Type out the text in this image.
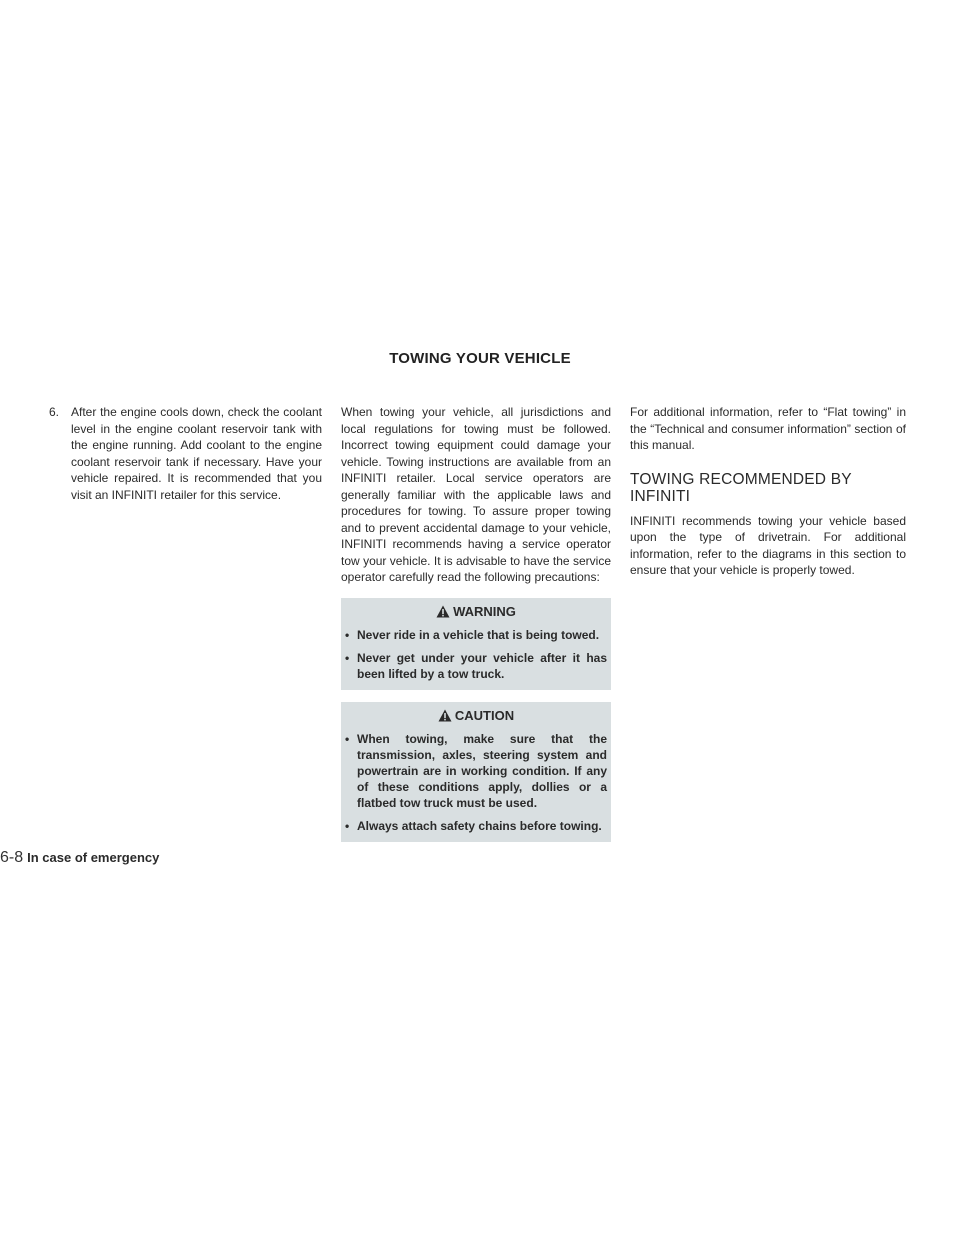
TOWING YOUR VEHICLE
6. After the engine cools down, check the coolant level in the engine coolant reservoir tank with the engine running. Add coolant to the engine coolant reservoir tank if necessary. Have your vehicle repaired. It is recommended that you visit an INFINITI retailer for this service.

When towing your vehicle, all jurisdictions and local regulations for towing must be followed. Incorrect towing equipment could damage your vehicle. Towing instructions are available from an INFINITI retailer. Local service operators are generally familiar with the applicable laws and procedures for towing. To assure proper towing and to prevent accidental damage to your vehicle, INFINITI recommends having a service operator tow your vehicle. It is advisable to have the service operator carefully read the following precautions:

WARNING
• Never ride in a vehicle that is being towed.
• Never get under your vehicle after it has been lifted by a tow truck.
CAUTION
• When towing, make sure that the transmission, axles, steering system and powertrain are in working condition. If any of these conditions apply, dollies or a flatbed tow truck must be used.
• Always attach safety chains before towing.

For additional information, refer to “Flat towing” in the “Technical and consumer information” section of this manual.

TOWING RECOMMENDED BY INFINITI

INFINITI recommends towing your vehicle based upon the type of drivetrain. For additional information, refer to the diagrams in this section to ensure that your vehicle is properly towed.

6-8 In case of emergency
